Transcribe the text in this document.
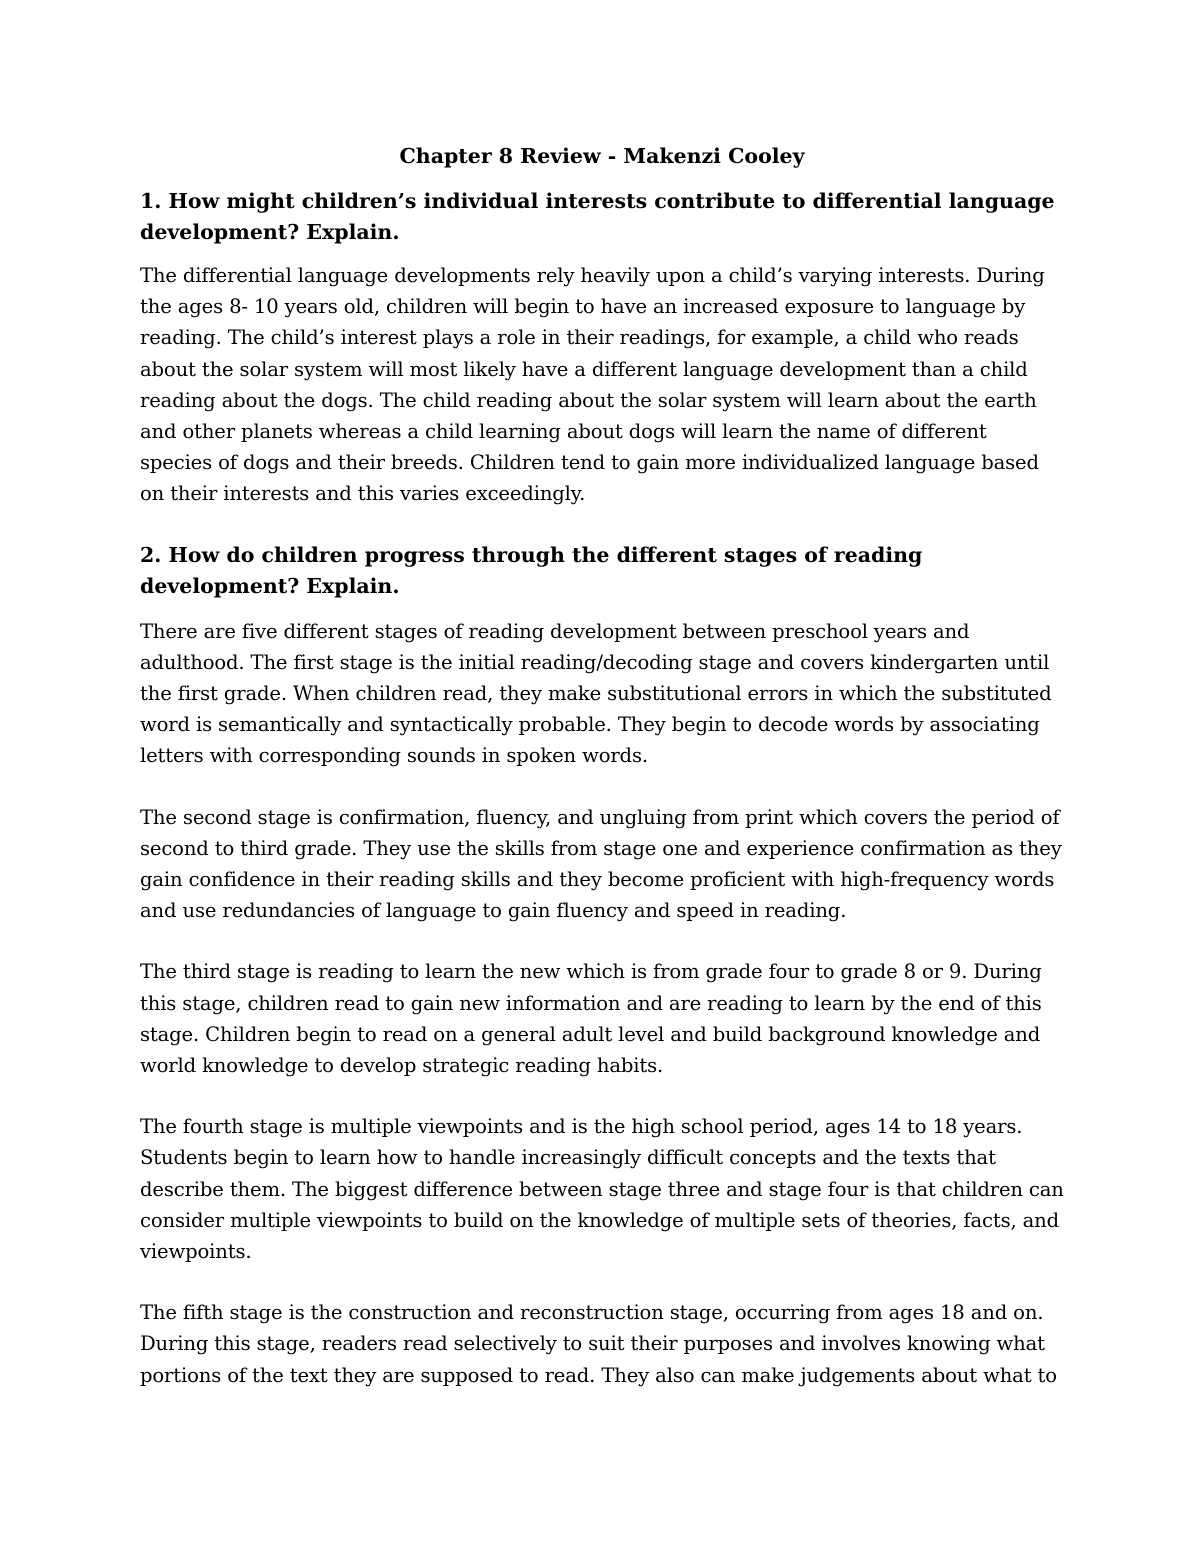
Chapter 8 Review - Makenzi Cooley

1. How might children’s individual interests contribute to differential language development? Explain.

The differential language developments rely heavily upon a child’s varying interests. During the ages 8- 10 years old, children will begin to have an increased exposure to language by reading. The child’s interest plays a role in their readings, for example, a child who reads about the solar system will most likely have a different language development than a child reading about the dogs. The child reading about the solar system will learn about the earth and other planets whereas a child learning about dogs will learn the name of different species of dogs and their breeds. Children tend to gain more individualized language based on their interests and this varies exceedingly.

2. How do children progress through the different stages of reading development? Explain.

There are five different stages of reading development between preschool years and adulthood. The first stage is the initial reading/decoding stage and covers kindergarten until the first grade. When children read, they make substitutional errors in which the substituted word is semantically and syntactically probable. They begin to decode words by associating letters with corresponding sounds in spoken words.

The second stage is confirmation, fluency, and ungluing from print which covers the period of second to third grade. They use the skills from stage one and experience confirmation as they gain confidence in their reading skills and they become proficient with high-frequency words and use redundancies of language to gain fluency and speed in reading.

The third stage is reading to learn the new which is from grade four to grade 8 or 9. During this stage, children read to gain new information and are reading to learn by the end of this stage. Children begin to read on a general adult level and build background knowledge and world knowledge to develop strategic reading habits.

The fourth stage is multiple viewpoints and is the high school period, ages 14 to 18 years. Students begin to learn how to handle increasingly difficult concepts and the texts that describe them. The biggest difference between stage three and stage four is that children can consider multiple viewpoints to build on the knowledge of multiple sets of theories, facts, and viewpoints.

The fifth stage is the construction and reconstruction stage, occurring from ages 18 and on. During this stage, readers read selectively to suit their purposes and involves knowing what portions of the text they are supposed to read. They also can make judgements about what to
